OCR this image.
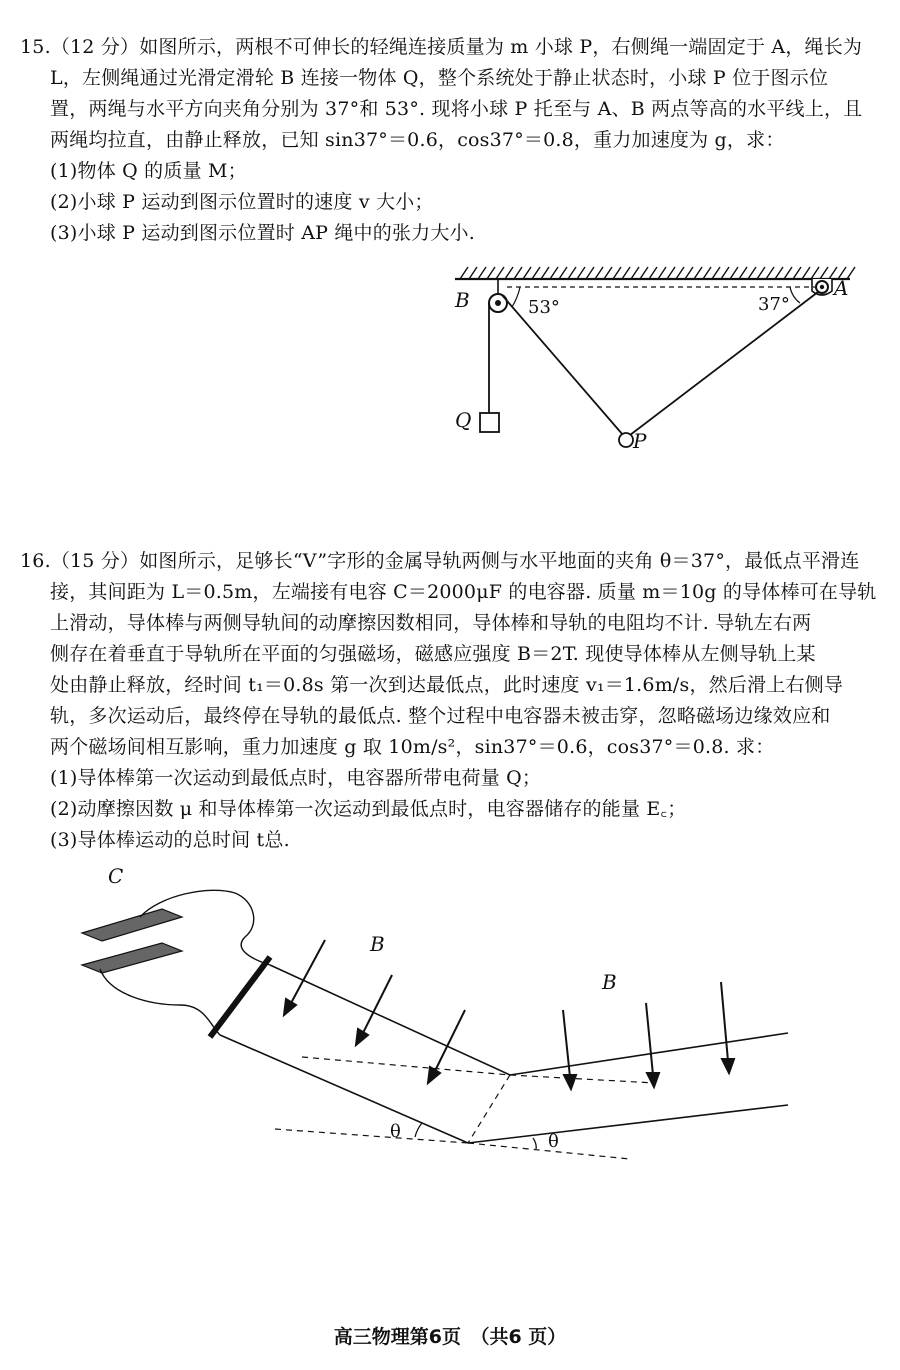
15.（12 分）如图所示，两根不可伸长的轻绳连接质量为 m 小球 P，右侧绳一端固定于 A，绳长为
L，左侧绳通过光滑定滑轮 B 连接一物体 Q，整个系统处于静止状态时，小球 P 位于图示位
置，两绳与水平方向夹角分别为 37°和 53°. 现将小球 P 托至与 A、B 两点等高的水平线上，且
两绳均拉直，由静止释放，已知 sin37°＝0.6，cos37°＝0.8，重力加速度为 g，求：
(1)物体 Q 的质量 M；
(2)小球 P 运动到图示位置时的速度 v 大小；
(3)小球 P 运动到图示位置时 AP 绳中的张力大小.
B	A
Q
P
53°	37°
16.（15 分）如图所示，足够长“V”字形的金属导轨两侧与水平地面的夹角 θ＝37°，最低点平滑连
接，其间距为 L＝0.5m，左端接有电容 C＝2000μF 的电容器. 质量 m＝10g 的导体棒可在导轨
上滑动，导体棒与两侧导轨间的动摩擦因数相同，导体棒和导轨的电阻均不计. 导轨左右两
侧存在着垂直于导轨所在平面的匀强磁场，磁感应强度 B＝2T. 现使导体棒从左侧导轨上某
处由静止释放，经时间 t₁＝0.8s 第一次到达最低点，此时速度 v₁＝1.6m/s，然后滑上右侧导
轨，多次运动后，最终停在导轨的最低点. 整个过程中电容器未被击穿，忽略磁场边缘效应和
两个磁场间相互影响，重力加速度 g 取 10m/s²，sin37°＝0.6，cos37°＝0.8. 求：
(1)导体棒第一次运动到最低点时，电容器所带电荷量 Q；
(2)动摩擦因数 μ 和导体棒第一次运动到最低点时，电容器储存的能量 E꜀；
(3)导体棒运动的总时间 t总.
C
B
B
θ	θ
高三物理第6页　（共6 页）
